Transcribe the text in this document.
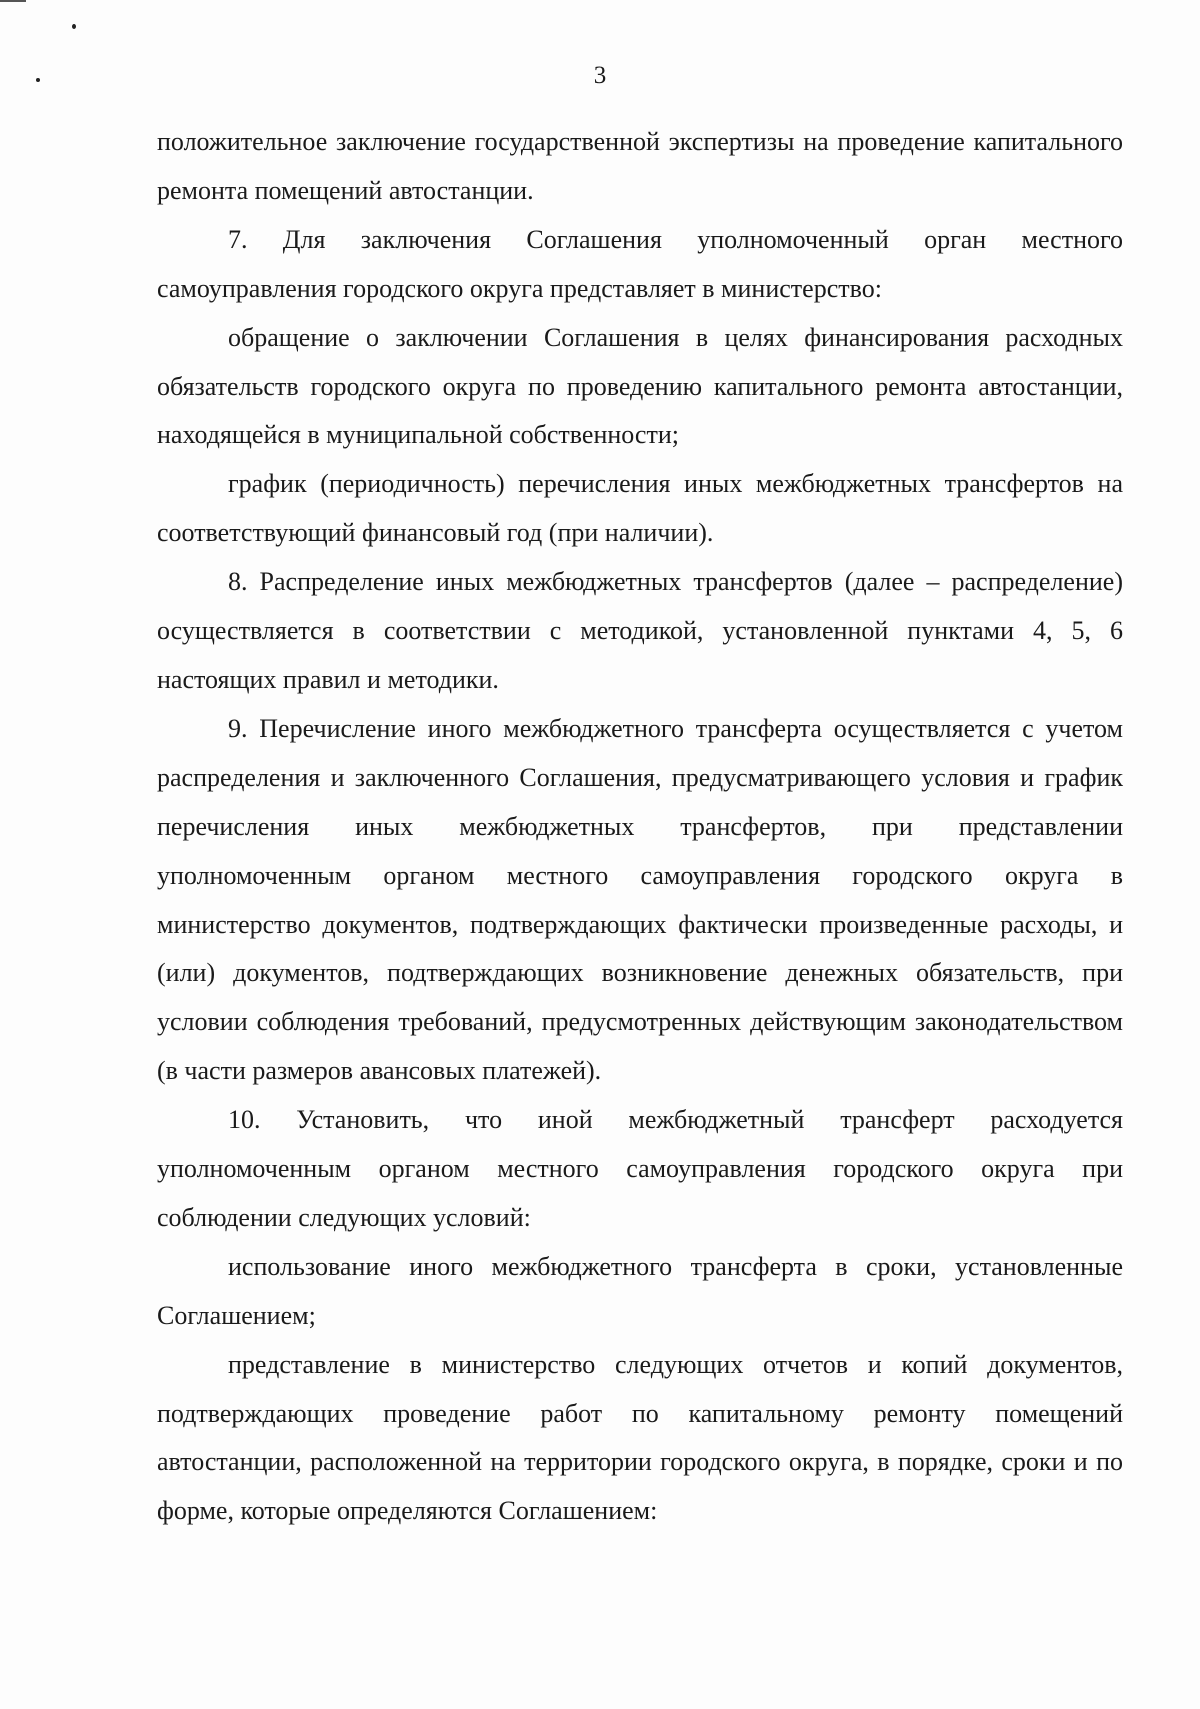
3

положительное заключение государственной экспертизы на проведение капитального ремонта помещений автостанции.

7. Для заключения Соглашения уполномоченный орган местного самоуправления городского округа представляет в министерство:

обращение о заключении Соглашения в целях финансирования расходных обязательств городского округа по проведению капитального ремонта автостанции, находящейся в муниципальной собственности;

график (периодичность) перечисления иных межбюджетных трансфертов на соответствующий финансовый год (при наличии).

8. Распределение иных межбюджетных трансфертов (далее – распределение) осуществляется в соответствии с методикой, установленной пунктами 4, 5, 6 настоящих правил и методики.

9. Перечисление иного межбюджетного трансферта осуществляется с учетом распределения и заключенного Соглашения, предусматривающего условия и график перечисления иных межбюджетных трансфертов, при представлении уполномоченным органом местного самоуправления городского округа в министерство документов, подтверждающих фактически произведенные расходы, и (или) документов, подтверждающих возникновение денежных обязательств, при условии соблюдения требований, предусмотренных действующим законодательством (в части размеров авансовых платежей).

10. Установить, что иной межбюджетный трансферт расходуется уполномоченным органом местного самоуправления городского округа при соблюдении следующих условий:

использование иного межбюджетного трансферта в сроки, установленные Соглашением;

представление в министерство следующих отчетов и копий документов, подтверждающих проведение работ по капитальному ремонту помещений автостанции, расположенной на территории городского округа, в порядке, сроки и по форме, которые определяются Соглашением:
